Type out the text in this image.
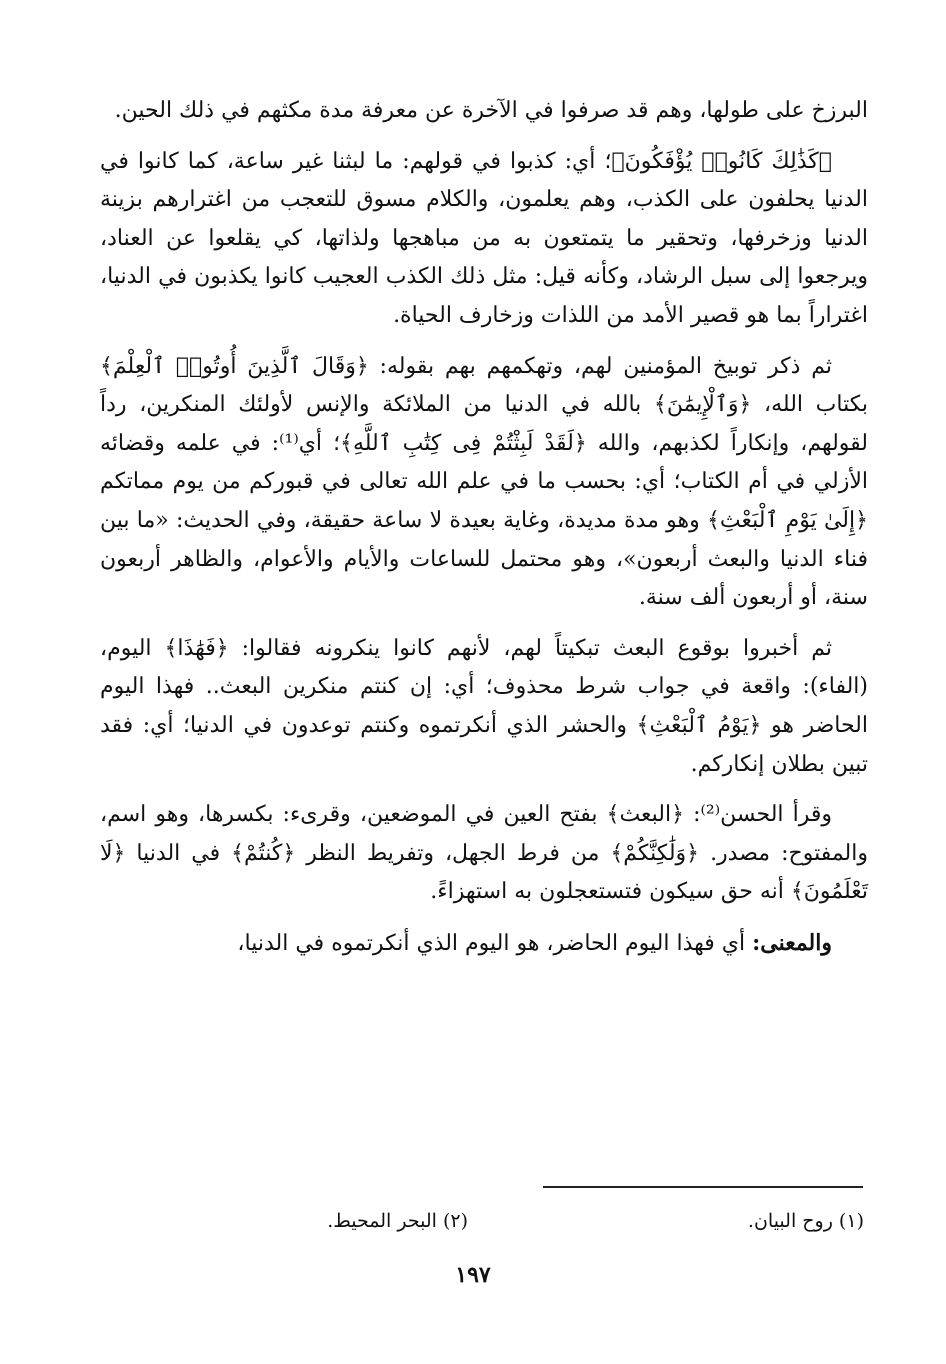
البرزخ على طولها، وهم قد صرفوا في الآخرة عن معرفة مدة مكثهم في ذلك الحين.

﴿كَذَٰلِكَ كَانُوا۟ يُؤْفَكُونَ﴾؛ أي: كذبوا في قولهم: ما لبثنا غير ساعة، كما كانوا في الدنيا يحلفون على الكذب، وهم يعلمون، والكلام مسوق للتعجب من اغترارهم بزينة الدنيا وزخرفها، وتحقير ما يتمتعون به من مباهجها ولذاتها، كي يقلعوا عن العناد، ويرجعوا إلى سبل الرشاد، وكأنه قيل: مثل ذلك الكذب العجيب كانوا يكذبون في الدنيا، اغتراراً بما هو قصير الأمد من اللذات وزخارف الحياة.

ثم ذكر توبيخ المؤمنين لهم، وتهكمهم بهم بقوله: ﴿وَقَالَ ٱلَّذِينَ أُوتُوا۟ ٱلْعِلْمَ﴾ بكتاب الله، ﴿وَٱلْإِيمَٰنَ﴾ بالله في الدنيا من الملائكة والإنس لأولئك المنكرين، رداً لقولهم، وإنكاراً لكذبهم، والله ﴿لَقَدْ لَبِثْتُمْ فِى كِتَٰبِ ٱللَّهِ﴾؛ أي⁽¹⁾: في علمه وقضائه الأزلي في أم الكتاب؛ أي: بحسب ما في علم الله تعالى في قبوركم من يوم مماتكم ﴿إِلَىٰ يَوْمِ ٱلْبَعْثِ﴾ وهو مدة مديدة، وغاية بعيدة لا ساعة حقيقة، وفي الحديث: «ما بين فناء الدنيا والبعث أربعون»، وهو محتمل للساعات والأيام والأعوام، والظاهر أربعون سنة، أو أربعون ألف سنة.

ثم أخبروا بوقوع البعث تبكيتاً لهم، لأنهم كانوا ينكرونه فقالوا: ﴿فَهَٰذَا﴾ اليوم، (الفاء): واقعة في جواب شرط محذوف؛ أي: إن كنتم منكرين البعث.. فهذا اليوم الحاضر هو ﴿يَوْمُ ٱلْبَعْثِ﴾ والحشر الذي أنكرتموه وكنتم توعدون في الدنيا؛ أي: فقد تبين بطلان إنكاركم.

وقرأ الحسن⁽²⁾: ﴿البعث﴾ بفتح العين في الموضعين، وقرىء: بكسرها، وهو اسم، والمفتوح: مصدر. ﴿وَلَٰكِنَّكُمْ﴾ من فرط الجهل، وتفريط النظر ﴿كُنتُمْ﴾ في الدنيا ﴿لَا تَعْلَمُونَ﴾ أنه حق سيكون فتستعجلون به استهزاءً.

والمعنى: أي فهذا اليوم الحاضر، هو اليوم الذي أنكرتموه في الدنيا،

(١) روح البيان.
(٢) البحر المحيط.
١٩٧
